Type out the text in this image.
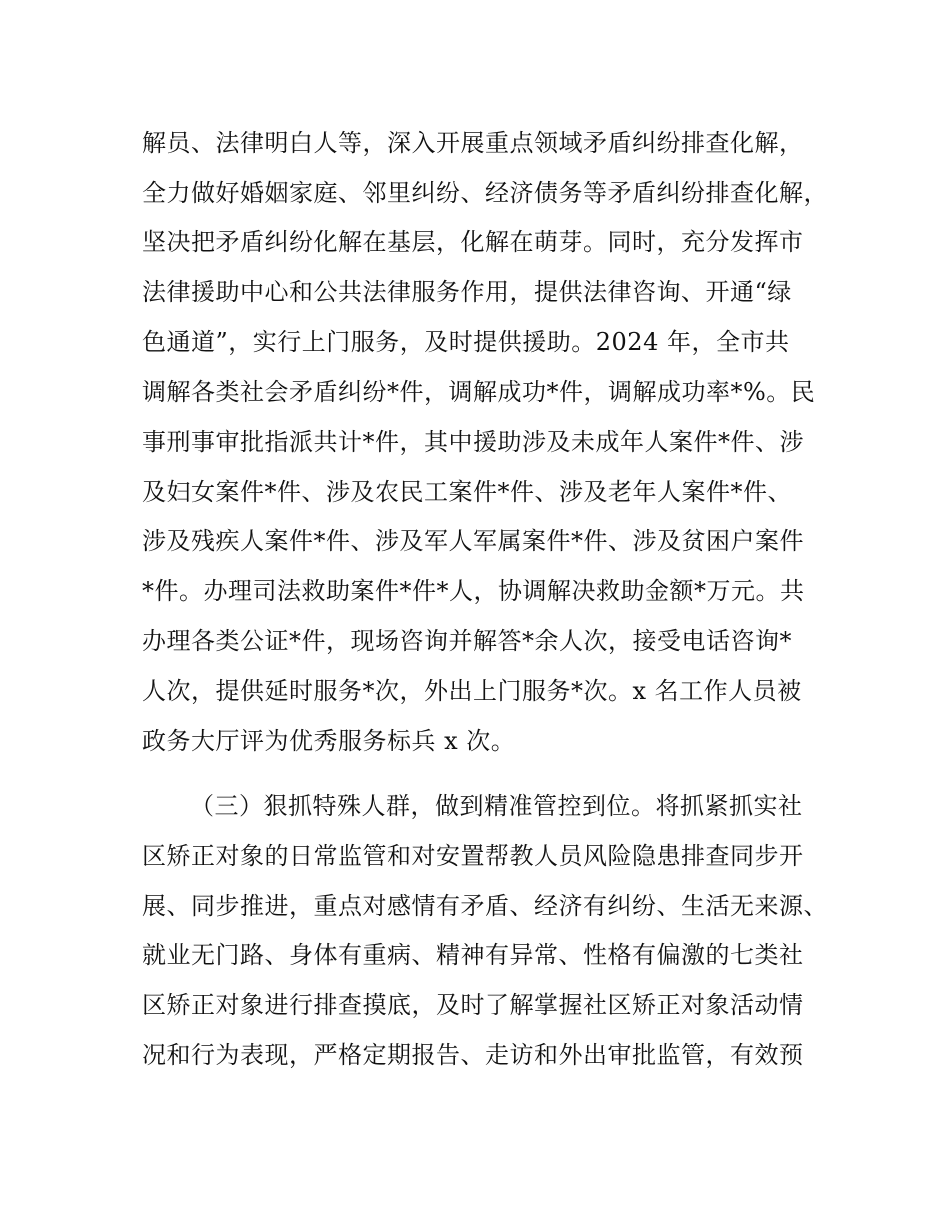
解员、法律明白人等，深入开展重点领域矛盾纠纷排查化解，
全力做好婚姻家庭、邻里纠纷、经济债务等矛盾纠纷排查化解，
坚决把矛盾纠纷化解在基层，化解在萌芽。同时，充分发挥市
法律援助中心和公共法律服务作用，提供法律咨询、开通“绿
色通道”，实行上门服务，及时提供援助。2024 年，全市共
调解各类社会矛盾纠纷*件，调解成功*件，调解成功率*%。民
事刑事审批指派共计*件，其中援助涉及未成年人案件*件、涉
及妇女案件*件、涉及农民工案件*件、涉及老年人案件*件、
涉及残疾人案件*件、涉及军人军属案件*件、涉及贫困户案件
*件。办理司法救助案件*件*人，协调解决救助金额*万元。共
办理各类公证*件，现场咨询并解答*余人次，接受电话咨询*
人次，提供延时服务*次，外出上门服务*次。x 名工作人员被
政务大厅评为优秀服务标兵 x 次。
（三）狠抓特殊人群，做到精准管控到位。将抓紧抓实社
区矫正对象的日常监管和对安置帮教人员风险隐患排查同步开
展、同步推进，重点对感情有矛盾、经济有纠纷、生活无来源、
就业无门路、身体有重病、精神有异常、性格有偏激的七类社
区矫正对象进行排查摸底，及时了解掌握社区矫正对象活动情
况和行为表现，严格定期报告、走访和外出审批监管，有效预
